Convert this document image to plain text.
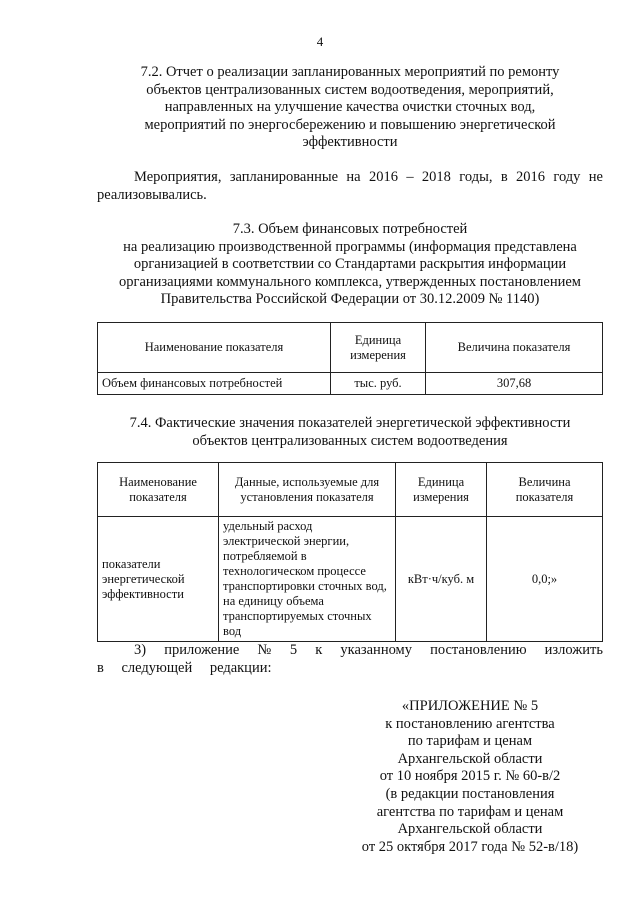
4
7.2. Отчет о реализации запланированных мероприятий по ремонту
объектов централизованных систем водоотведения, мероприятий,
направленных на улучшение качества очистки сточных вод,
мероприятий по энергосбережению и повышению энергетической
эффективности
Мероприятия, запланированные на 2016 – 2018 годы, в 2016 году не реализовывались.
7.3. Объем финансовых потребностей
на реализацию производственной программы (информация представлена
организацией в соответствии со Стандартами раскрытия информации
организациями коммунального комплекса, утвержденных постановлением
Правительства Российской Федерации от 30.12.2009 № 1140)
Наименование показателя	Единица измерения	Величина показателя
Объем финансовых потребностей	тыс. руб.	307,68
7.4. Фактические значения показателей энергетической эффективности
объектов централизованных систем водоотведения
Наименование показателя	Данные, используемые для установления показателя	Единица измерения	Величина показателя
показатели энергетической эффективности	удельный расход электрической энергии, потребляемой в технологическом процессе транспортировки сточных вод, на единицу объема транспортируемых сточных вод	кВт·ч/куб. м	0,0;»
3) приложение № 5 к указанному постановлению изложить в следующей редакции:
«ПРИЛОЖЕНИЕ № 5
к постановлению агентства
по тарифам и ценам
Архангельской области
от 10 ноября 2015 г. № 60-в/2
(в редакции постановления
агентства по тарифам и ценам
Архангельской области
от 25 октября 2017 года № 52-в/18)
